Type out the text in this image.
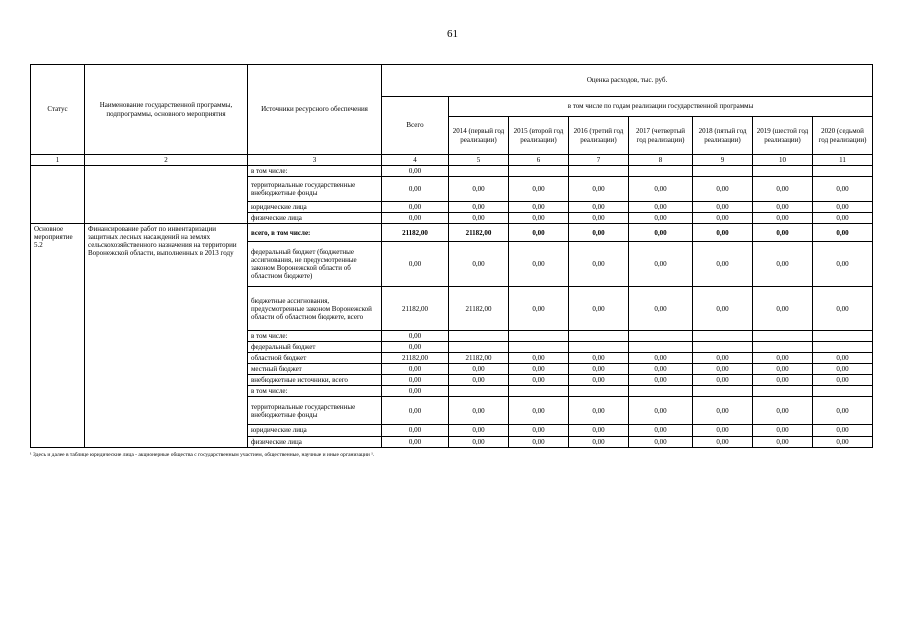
61
Статус	Наименование государственной программы, подпрограммы, основного мероприятия	Источники ресурсного обеспечения	Оценка расходов, тыс. руб.							
			Всего	в том числе по годам реализации государственной программы						
				2014 (первый год реализации)	2015 (второй год реализации)	2016 (третий год реализации)	2017 (четвертый год реализации)	2018 (пятый год реализации)	2019 (шестой год реализации)	2020 (седьмой год реализации)
1	2	3	4	5	6	7	8	9	10	11
		в том числе:	0,00							
		территориальные государственные внебюджетные фонды	0,00	0,00	0,00	0,00	0,00	0,00	0,00	0,00
		юридические лица	0,00	0,00	0,00	0,00	0,00	0,00	0,00	0,00
		физические лица	0,00	0,00	0,00	0,00	0,00	0,00	0,00	0,00
Основное мероприятие 5.2	Финансирование работ по инвентаризации защитных лесных насаждений на землях сельскохозяйственного назначения на территории Воронежской области, выполненных в 2013 году	всего, в том числе:	21182,00	21182,00	0,00	0,00	0,00	0,00	0,00	0,00
		федеральный бюджет (бюджетные ассигнования, не предусмотренные законом Воронежской области об областном бюджете)	0,00	0,00	0,00	0,00	0,00	0,00	0,00	0,00
		бюджетные ассигнования, предусмотренные законом Воронежской области об областном бюджете, всего	21182,00	21182,00	0,00	0,00	0,00	0,00	0,00	0,00
		в том числе:	0,00							
		федеральный бюджет	0,00							
		областной бюджет	21182,00	21182,00	0,00	0,00	0,00	0,00	0,00	0,00
		местный бюджет	0,00	0,00	0,00	0,00	0,00	0,00	0,00	0,00
		внебюджетные источники, всего	0,00	0,00	0,00	0,00	0,00	0,00	0,00	0,00
		в том числе:	0,00							
		территориальные государственные внебюджетные фонды	0,00	0,00	0,00	0,00	0,00	0,00	0,00	0,00
		юридические лица	0,00	0,00	0,00	0,00	0,00	0,00	0,00	0,00
		физические лица	0,00	0,00	0,00	0,00	0,00	0,00	0,00	0,00
¹ Здесь и далее в таблице юридические лица - акционерные общества с государственным участием, общественные, научные и иные организации ¹.
